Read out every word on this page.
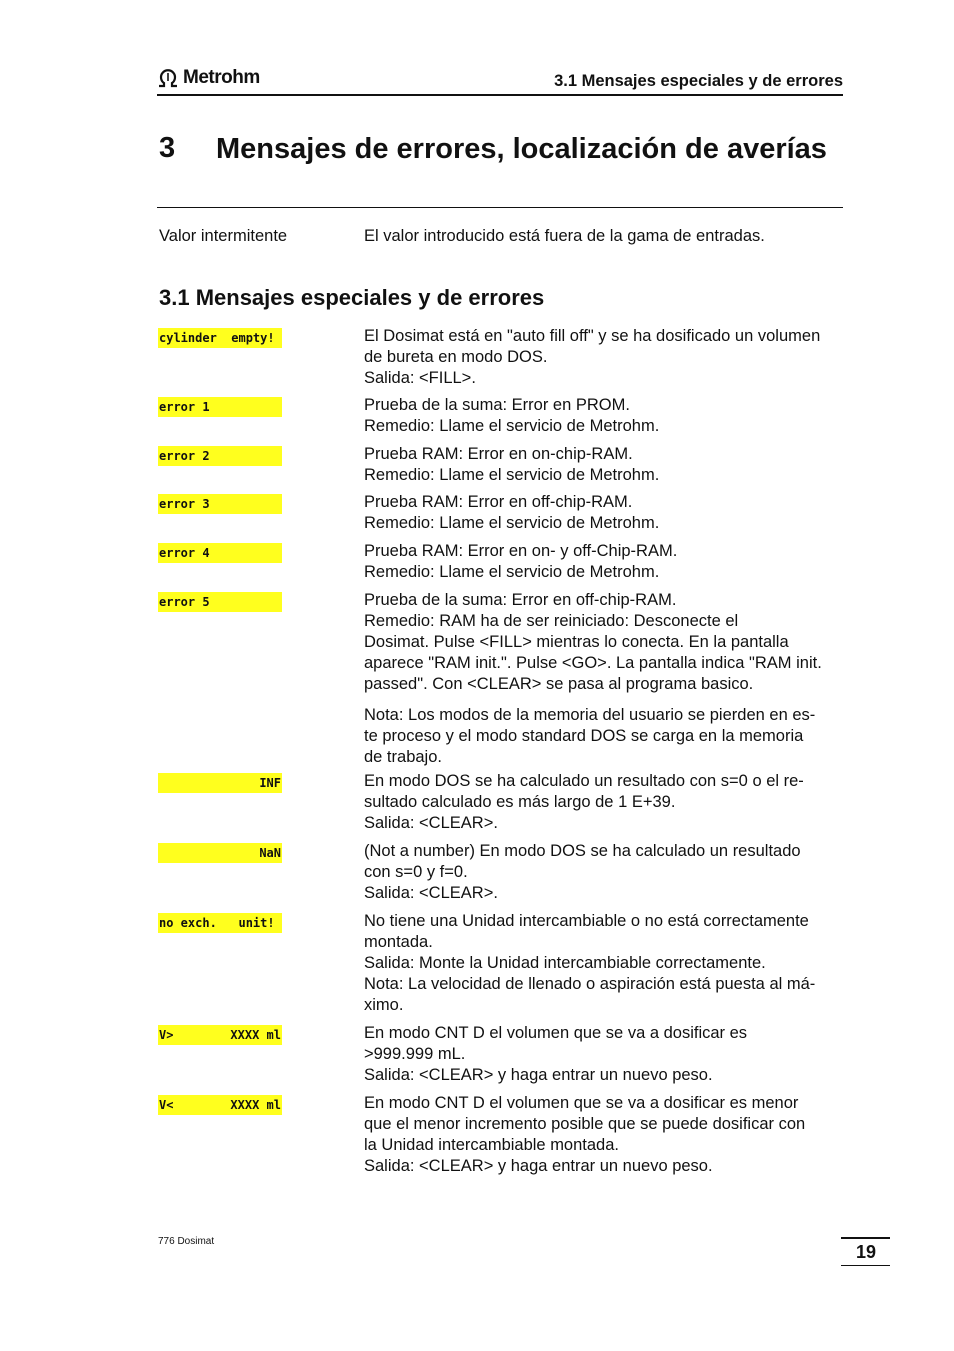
Metrohm	3.1 Mensajes especiales y de errores
3 Mensajes de errores, localización de averías
Valor intermitente	El valor introducido está fuera de la gama de entradas.
3.1 Mensajes especiales y de errores
cylinder  empty!	El Dosimat está en "auto fill off" y se ha dosificado un volumen
de bureta en modo DOS.
Salida: <FILL>.

error 1	Prueba de la suma: Error en PROM.
Remedio: Llame el servicio de Metrohm.

error 2	Prueba RAM: Error en on-chip-RAM.
Remedio: Llame el servicio de Metrohm.

error 3	Prueba RAM: Error en off-chip-RAM.
Remedio: Llame el servicio de Metrohm.

error 4	Prueba RAM: Error en on- y off-Chip-RAM.
Remedio: Llame el servicio de Metrohm.

error 5	Prueba de la suma: Error en off-chip-RAM.
Remedio: RAM ha de ser reiniciado: Desconecte el
Dosimat. Pulse <FILL> mientras lo conecta. En la pantalla
aparece "RAM init.". Pulse <GO>. La pantalla indica "RAM init.
passed". Con <CLEAR> se pasa al programa basico.

Nota: Los modos de la memoria del usuario se pierden en es-
te proceso y el modo standard DOS se carga en la memoria
de trabajo.

INF	En modo DOS se ha calculado un resultado con s=0 o el re-
sultado calculado es más largo de 1 E+39.
Salida: <CLEAR>.

NaN	(Not a number) En modo DOS se ha calculado un resultado
con s=0 y f=0.
Salida: <CLEAR>.

no exch.   unit!	No tiene una Unidad intercambiable o no está correctamente
montada.
Salida: Monte la Unidad intercambiable correctamente.
Nota: La velocidad de llenado o aspiración está puesta al má-
ximo.

V>	XXXX ml	En modo CNT D el volumen que se va a dosificar es
>999.999 mL.
Salida: <CLEAR> y haga entrar un nuevo peso.

V<	XXXX ml	En modo CNT D el volumen que se va a dosificar es menor
que el menor incremento posible que se puede dosificar con
la Unidad intercambiable montada.
Salida: <CLEAR> y haga entrar un nuevo peso.

776 Dosimat
19
